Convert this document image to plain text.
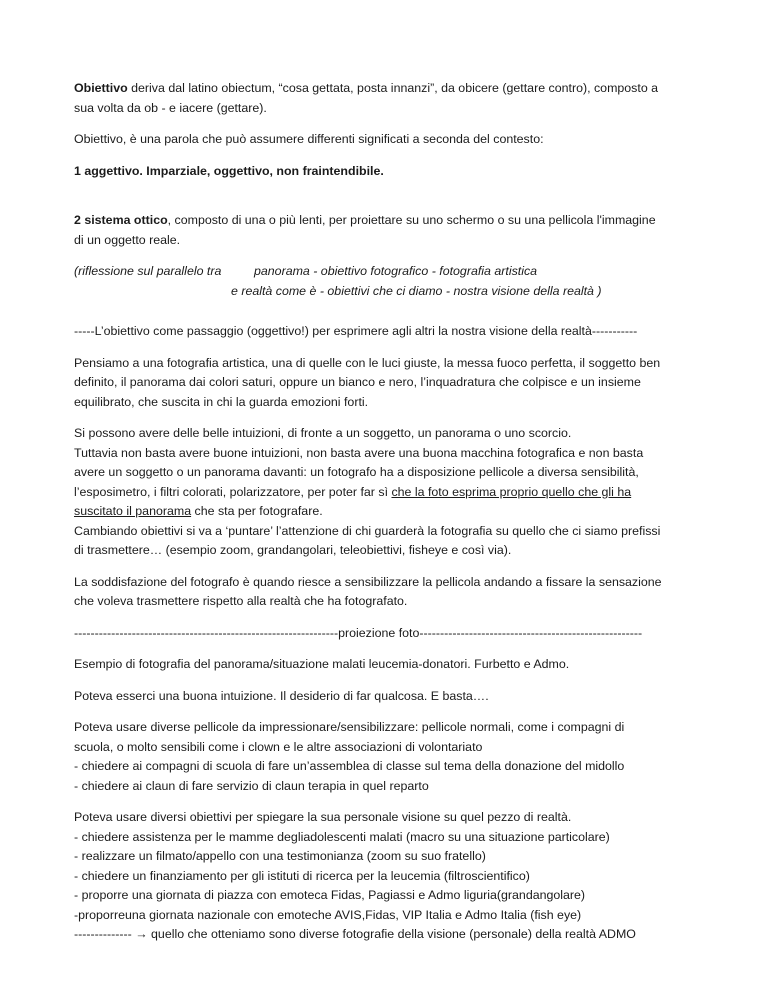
Obiettivo deriva dal latino obiectum, “cosa gettata, posta innanzi”, da obicere (gettare contro), composto a
sua volta da ob - e iacere (gettare).

Obiettivo, è una parola che può assumere differenti significati a seconda del contesto:

1 aggettivo. Imparziale, oggettivo, non fraintendibile.

2 sistema ottico, composto di una o più lenti, per proiettare su uno schermo o su una pellicola l'immagine
di un oggetto reale.

(riflessione sul parallelo tra	panorama - obiettivo fotografico - fotografia artistica
e realtà come è - obiettivi che ci diamo - nostra visione della realtà )

-----L’obiettivo come passaggio (oggettivo!) per esprimere agli altri la nostra visione della realtà-----------

Pensiamo a una fotografia artistica, una di quelle con le luci giuste, la messa fuoco perfetta, il soggetto ben
definito, il panorama dai colori saturi, oppure un bianco e nero, l’inquadratura che colpisce e un insieme
equilibrato, che suscita in chi la guarda emozioni forti.

Si possono avere delle belle intuizioni, di fronte a un soggetto, un panorama o uno scorcio.
Tuttavia non basta avere buone intuizioni, non basta avere una buona macchina fotografica e non basta
avere un soggetto o un panorama davanti: un fotografo ha a disposizione pellicole a diversa sensibilità,
l’esposimetro, i filtri colorati, polarizzatore, per poter far sì che la foto esprima proprio quello che gli ha
suscitato il panorama che sta per fotografare.
Cambiando obiettivi si va a ‘puntare’ l’attenzione di chi guarderà la fotografia su quello che ci siamo prefissi
di trasmettere… (esempio zoom, grandangolari, teleobiettivi, fisheye e così via).

La soddisfazione del fotografo è quando riesce a sensibilizzare la pellicola andando a fissare la sensazione
che voleva trasmettere rispetto alla realtà che ha fotografato.

----------------------------------------------------------------proiezione foto------------------------------------------------------

Esempio di fotografia del panorama/situazione malati leucemia-donatori. Furbetto e Admo.

Poteva esserci una buona intuizione. Il desiderio di far qualcosa. E basta….

Poteva usare diverse pellicole da impressionare/sensibilizzare: pellicole normali, come i compagni di
scuola, o molto sensibili come i clown e le altre associazioni di volontariato
- chiedere ai compagni di scuola di fare un’assemblea di classe sul tema della donazione del midollo
- chiedere ai claun di fare servizio di claun terapia in quel reparto

Poteva usare diversi obiettivi per spiegare la sua personale visione su quel pezzo di realtà.
- chiedere assistenza per le mamme degliadolescenti malati (macro su una situazione particolare)
- realizzare un filmato/appello con una testimonianza (zoom su suo fratello)
- chiedere un finanziamento per gli istituti di ricerca per la leucemia (filtroscientifico)
- proporre una giornata di piazza con emoteca Fidas, Pagiassi e Admo liguria(grandangolare)
-proporreuna giornata nazionale con emoteche AVIS,Fidas, VIP Italia e Admo Italia (fish eye)
-------------- → quello che otteniamo sono diverse fotografie della visione (personale) della realtà ADMO
